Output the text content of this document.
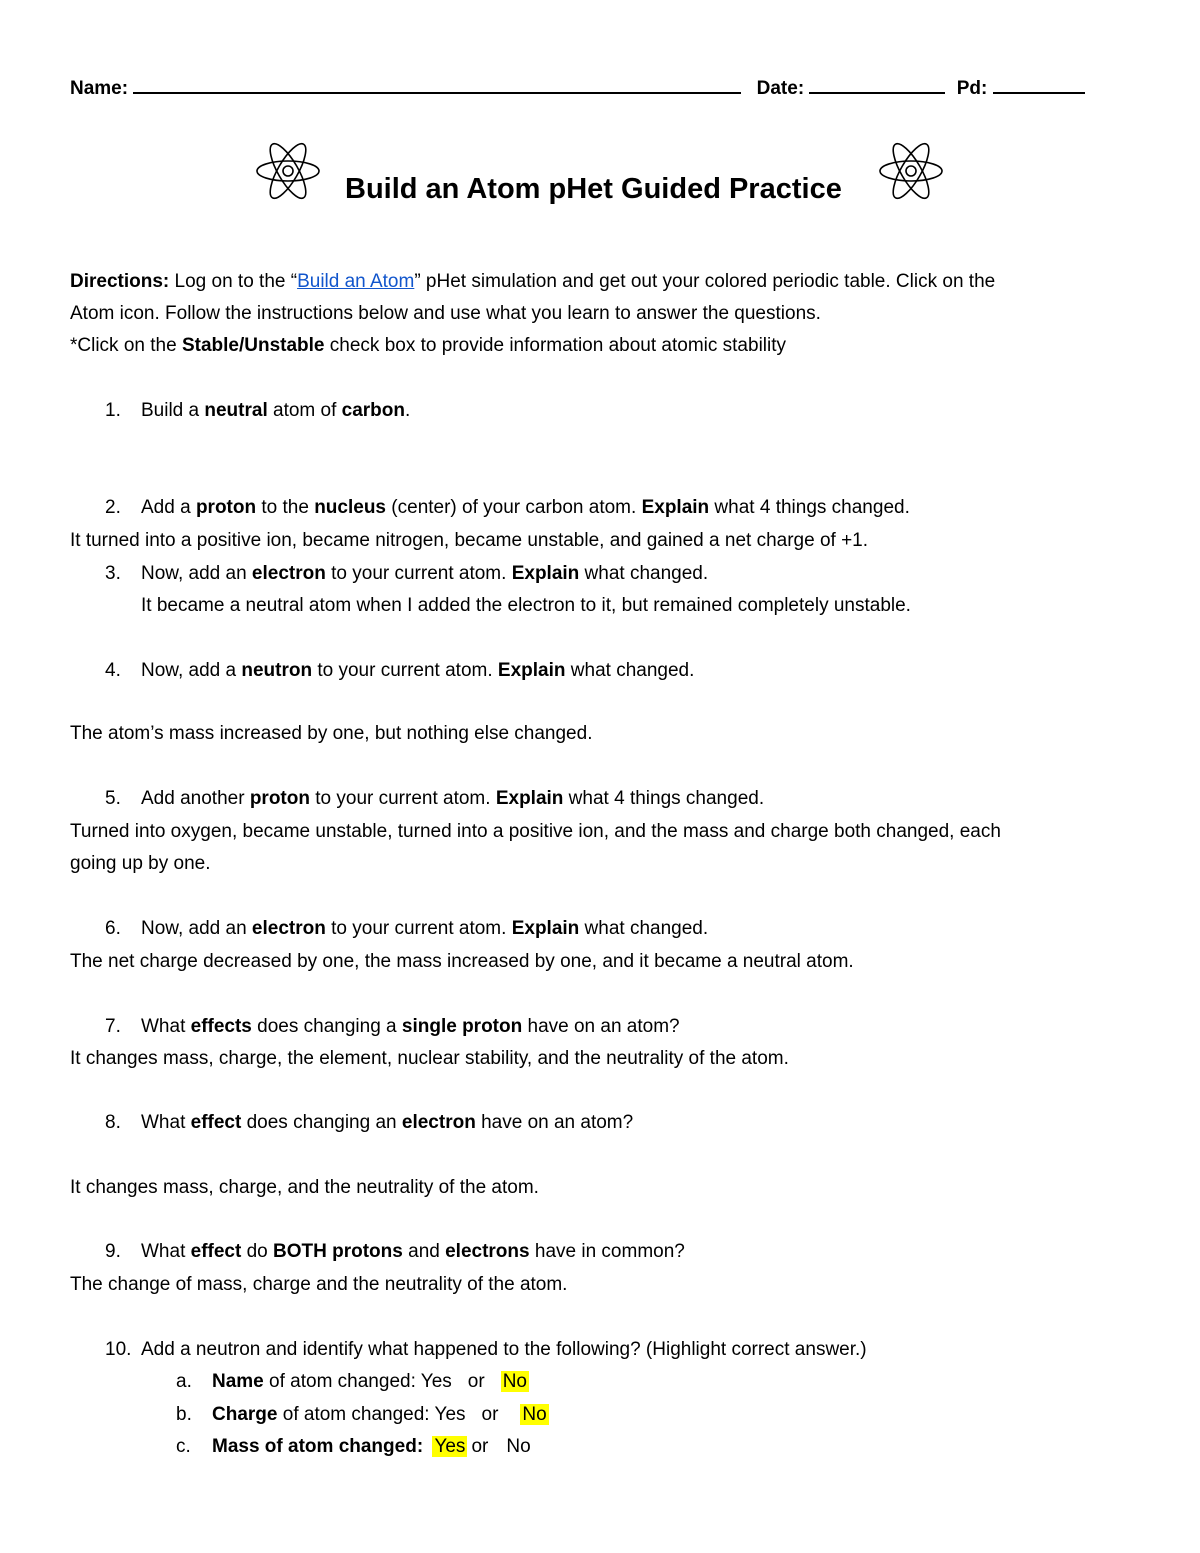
Name:	Date:	Pd:
Build an Atom pHet Guided Practice
Directions: Log on to the “Build an Atom” pHet simulation and get out your colored periodic table. Click on the
Atom icon. Follow the instructions below and use what you learn to answer the questions.
*Click on the Stable/Unstable check box to provide information about atomic stability
1. Build a neutral atom of carbon.
2. Add a proton to the nucleus (center) of your carbon atom. Explain what 4 things changed.
It turned into a positive ion, became nitrogen, became unstable, and gained a net charge of +1.
3. Now, add an electron to your current atom. Explain what changed.
It became a neutral atom when I added the electron to it, but remained completely unstable.
4. Now, add a neutron to your current atom. Explain what changed.
The atom’s mass increased by one, but nothing else changed.
5. Add another proton to your current atom. Explain what 4 things changed.
Turned into oxygen, became unstable, turned into a positive ion, and the mass and charge both changed, each
going up by one.
6. Now, add an electron to your current atom. Explain what changed.
The net charge decreased by one, the mass increased by one, and it became a neutral atom.
7. What effects does changing a single proton have on an atom?
It changes mass, charge, the element, nuclear stability, and the neutrality of the atom.
8. What effect does changing an electron have on an atom?
It changes mass, charge, and the neutrality of the atom.
9. What effect do BOTH protons and electrons have in common?
The change of mass, charge and the neutrality of the atom.
10. Add a neutron and identify what happened to the following? (Highlight correct answer.)
a. Name of atom changed: Yes or No
b. Charge of atom changed: Yes or No
c. Mass of atom changed: Yes or No
